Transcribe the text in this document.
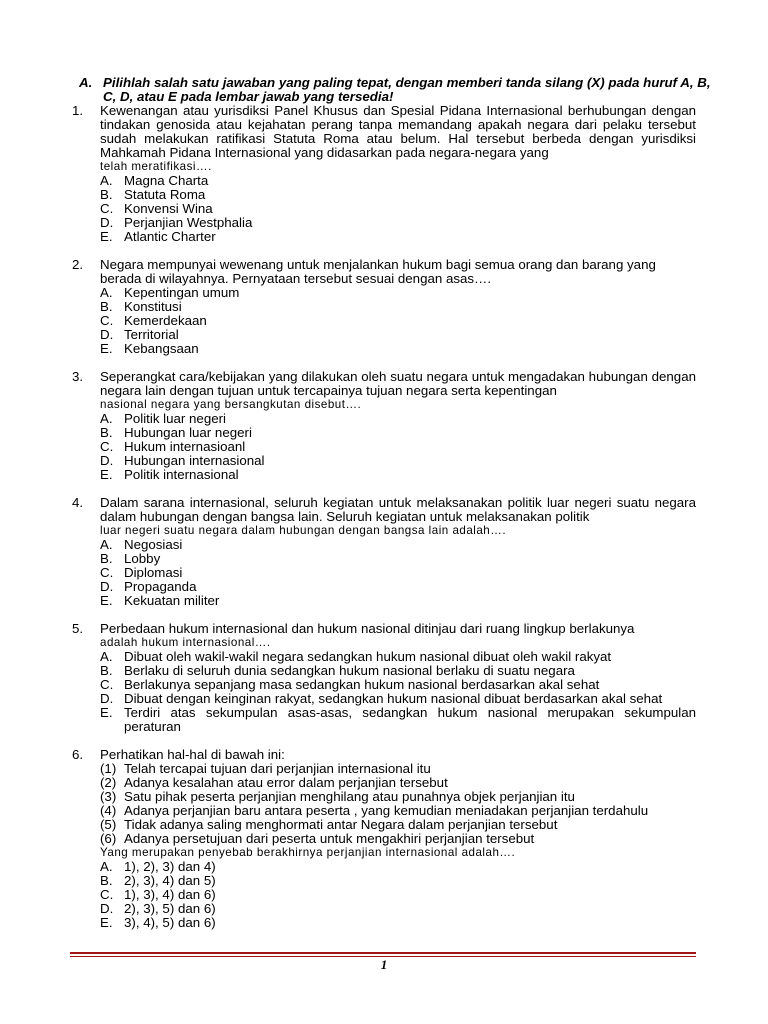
A. Pilihlah salah satu jawaban yang paling tepat, dengan memberi tanda silang (X) pada huruf A, B, C, D, atau E pada lembar jawab yang tersedia!
1. Kewenangan atau yurisdiksi Panel Khusus dan Spesial Pidana Internasional berhubungan dengan tindakan genosida atau kejahatan perang tanpa memandang apakah negara dari pelaku tersebut sudah melakukan ratifikasi Statuta Roma atau belum. Hal tersebut berbeda dengan yurisdiksi Mahkamah Pidana Internasional yang didasarkan pada negara-negara yang
telah meratifikasi….
A. Magna Charta
B. Statuta Roma
C. Konvensi Wina
D. Perjanjian Westphalia
E. Atlantic Charter
2. Negara mempunyai wewenang untuk menjalankan hukum bagi semua orang dan barang yang berada di wilayahnya. Pernyataan tersebut sesuai dengan asas….
A. Kepentingan umum
B. Konstitusi
C. Kemerdekaan
D. Territorial
E. Kebangsaan
3. Seperangkat cara/kebijakan yang dilakukan oleh suatu negara untuk mengadakan hubungan dengan negara lain dengan tujuan untuk tercapainya tujuan negara serta kepentingan
nasional negara yang bersangkutan disebut….
A. Politik luar negeri
B. Hubungan luar negeri
C. Hukum internasioanl
D. Hubungan internasional
E. Politik internasional
4. Dalam sarana internasional, seluruh kegiatan untuk melaksanakan politik luar negeri suatu negara dalam hubungan dengan bangsa lain. Seluruh kegiatan untuk melaksanakan politik
luar negeri suatu negara dalam hubungan dengan bangsa lain adalah….
A. Negosiasi
B. Lobby
C. Diplomasi
D. Propaganda
E. Kekuatan militer
5. Perbedaan hukum internasional dan hukum nasional ditinjau dari ruang lingkup berlakunya
adalah hukum internasional….
A. Dibuat oleh wakil-wakil negara sedangkan hukum nasional dibuat oleh wakil rakyat
B. Berlaku di seluruh dunia sedangkan hukum nasional berlaku di suatu negara
C. Berlakunya sepanjang masa sedangkan hukum nasional berdasarkan akal sehat
D. Dibuat dengan keinginan rakyat, sedangkan hukum nasional dibuat berdasarkan akal sehat
E. Terdiri atas sekumpulan asas-asas, sedangkan hukum nasional merupakan sekumpulan peraturan
6. Perhatikan hal-hal di bawah ini:
(1) Telah tercapai tujuan dari perjanjian internasional itu
(2) Adanya kesalahan atau error dalam perjanjian tersebut
(3) Satu pihak peserta perjanjian menghilang atau punahnya objek perjanjian itu
(4) Adanya perjanjian baru antara peserta , yang kemudian meniadakan perjanjian terdahulu
(5) Tidak adanya saling menghormati antar Negara dalam perjanjian tersebut
(6) Adanya persetujuan dari peserta untuk mengakhiri perjanjian tersebut
Yang merupakan penyebab berakhirnya perjanjian internasional adalah….
A. 1), 2), 3) dan 4)
B. 2), 3), 4) dan 5)
C. 1), 3), 4) dan 6)
D. 2), 3), 5) dan 6)
E. 3), 4), 5) dan 6)
1
